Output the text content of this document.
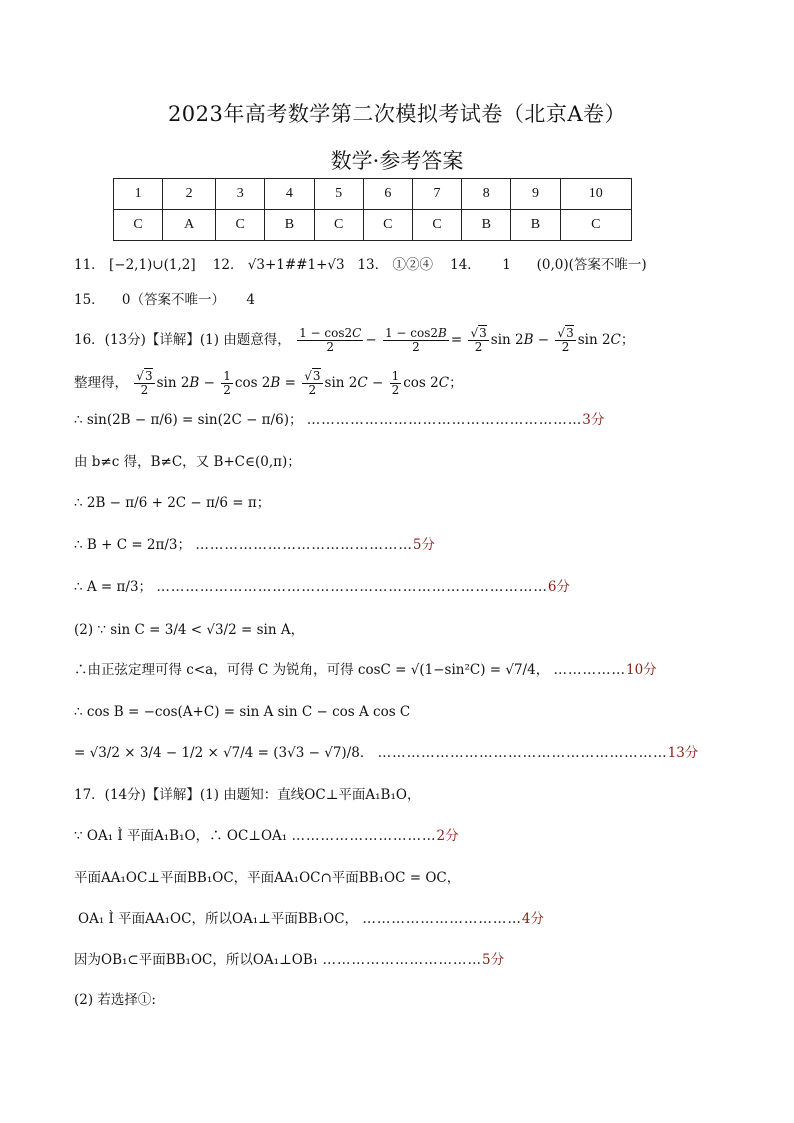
2023年高考数学第二次模拟考试卷（北京A卷）
数学·参考答案
1	2	3	4	5	6	7	8	9	10
C	A	C	B	C	C	C	B	B	C
11． [−2,1)∪(1,2] 12． √3+1##1+√3 13． ①②④ 14． 1 (0,0)(答案不唯一)
15． 0（答案不唯一） 4
16．(13分)【详解】(1) 由题意得， $\frac{1 - \cos 2C}{2} - \frac{1 - \cos 2B}{2} = \frac{√3}{2}$ $\sin 2B - \frac{√3}{2}$ sin 2C；
整理得， $\frac{√3}{2}$ $\sin 2B - \frac{1}{2}$ $\cos 2B = \frac{√3}{2}$ $\sin 2C - \frac{1}{2}$ cos 2C；
∴ sin(2B − π/6) = sin(2C − π/6)； …………………………………………………3分
由 b≠c 得，B≠C，又 B+C∈(0,π)；
∴ 2B − π/6 + 2C − π/6 = π；
∴ B + C = 2π/3； ………………………………………5分
∴ A = π/3； ………………………………………………………………………6分
(2) ∵ sin C = 3/4 < √3/2 = sin A，
∴由正弦定理可得 c<a，可得 C 为锐角，可得 cosC = √(1−sin²C) = √7/4， ……………10分
∴ cos B = −cos(A+C) = sin A sin C − cos A cos C
= √3/2 × 3/4 − 1/2 × √7/4 = (3√3 − √7)/8． ……………………………………………………13分
17．(14分)【详解】(1) 由题知：直线OC⊥平面A₁B₁O，
∵ OA₁ Ì 平面A₁B₁O，∴ OC⊥OA₁ …………………………2分
平面AA₁OC⊥平面BB₁OC，平面AA₁OC∩平面BB₁OC = OC，
OA₁ Ì 平面AA₁OC，所以OA₁⊥平面BB₁OC， ……………………………4分
因为OB₁⊂平面BB₁OC，所以OA₁⊥OB₁ ……………………………5分
(2) 若选择①:
